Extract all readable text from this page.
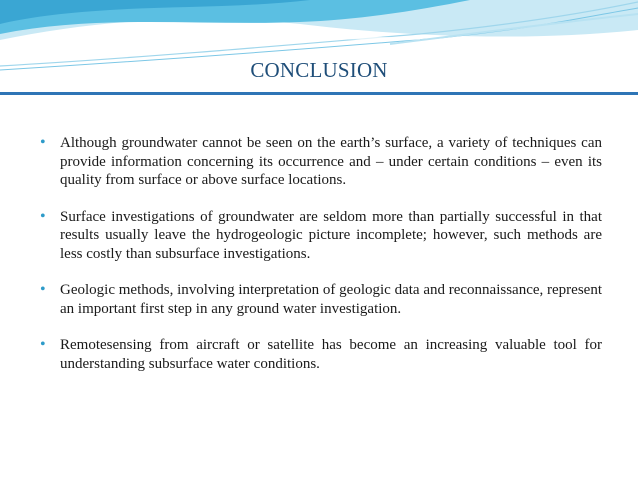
CONCLUSION
• Although groundwater cannot be seen on the earth’s surface, a variety of techniques can provide information concerning its occurrence and – under certain conditions – even its quality from surface or above surface locations.
• Surface investigations of groundwater are seldom more than partially successful in that results usually leave the hydrogeologic picture incomplete; however, such methods are less costly than subsurface investigations.
• Geologic methods, involving interpretation of geologic data and reconnaissance, represent an important first step in any ground water investigation.
• Remotesensing from aircraft or satellite has become an increasing valuable tool for understanding subsurface water conditions.
